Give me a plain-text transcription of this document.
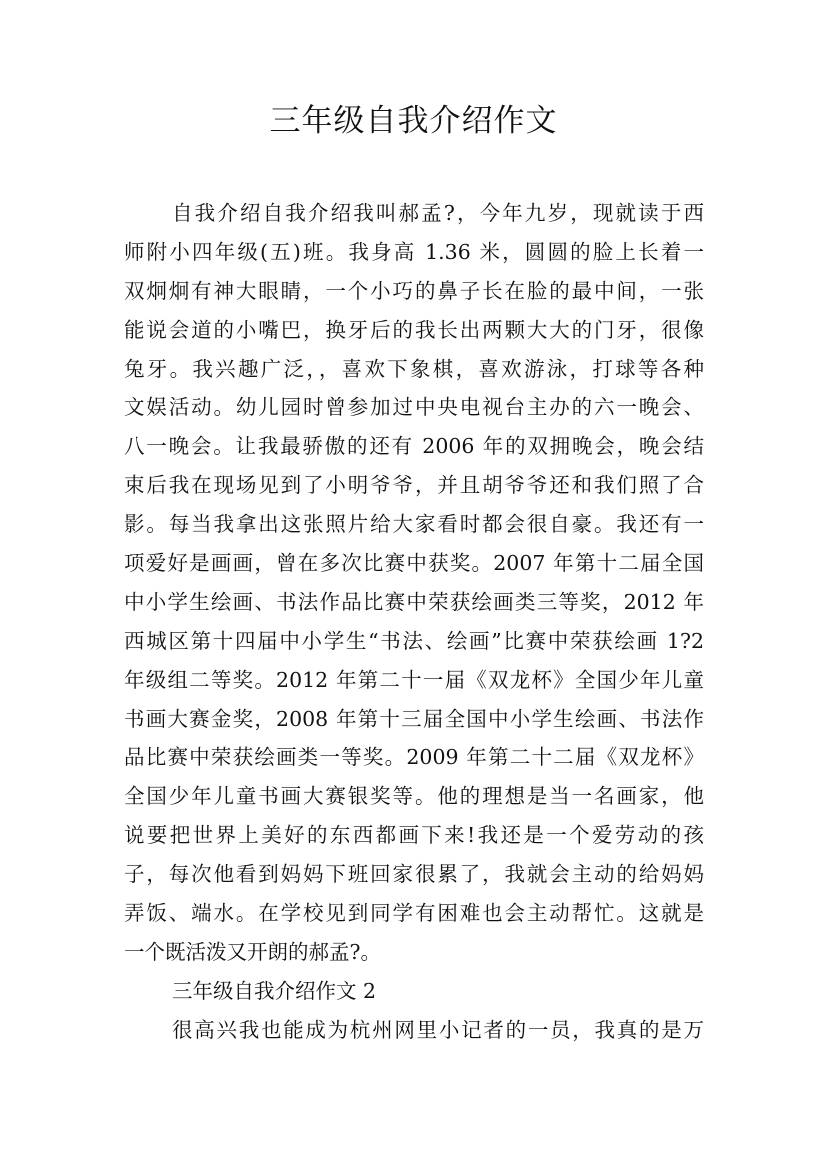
三年级自我介绍作文
自我介绍自我介绍我叫郝孟?，今年九岁，现就读于西
师附小四年级(五)班。我身高 1.36 米，圆圆的脸上长着一
双炯炯有神大眼睛，一个小巧的鼻子长在脸的最中间，一张
能说会道的小嘴巴，换牙后的我长出两颗大大的门牙，很像
兔牙。我兴趣广泛，，喜欢下象棋，喜欢游泳，打球等各种
文娱活动。幼儿园时曾参加过中央电视台主办的六一晚会、
八一晚会。让我最骄傲的还有 2006 年的双拥晚会，晚会结
束后我在现场见到了小明爷爷，并且胡爷爷还和我们照了合
影。每当我拿出这张照片给大家看时都会很自豪。我还有一
项爱好是画画，曾在多次比赛中获奖。2007 年第十二届全国
中小学生绘画、书法作品比赛中荣获绘画类三等奖，2012 年
西城区第十四届中小学生“书法、绘画”比赛中荣获绘画 1?2
年级组二等奖。2012 年第二十一届《双龙杯》全国少年儿童
书画大赛金奖，2008 年第十三届全国中小学生绘画、书法作
品比赛中荣获绘画类一等奖。2009 年第二十二届《双龙杯》
全国少年儿童书画大赛银奖等。他的理想是当一名画家，他
说要把世界上美好的东西都画下来!我还是一个爱劳动的孩
子，每次他看到妈妈下班回家很累了，我就会主动的给妈妈
弄饭、端水。在学校见到同学有困难也会主动帮忙。这就是
一个既活泼又开朗的郝孟?。
三年级自我介绍作文 2
很高兴我也能成为杭州网里小记者的一员，我真的是万
